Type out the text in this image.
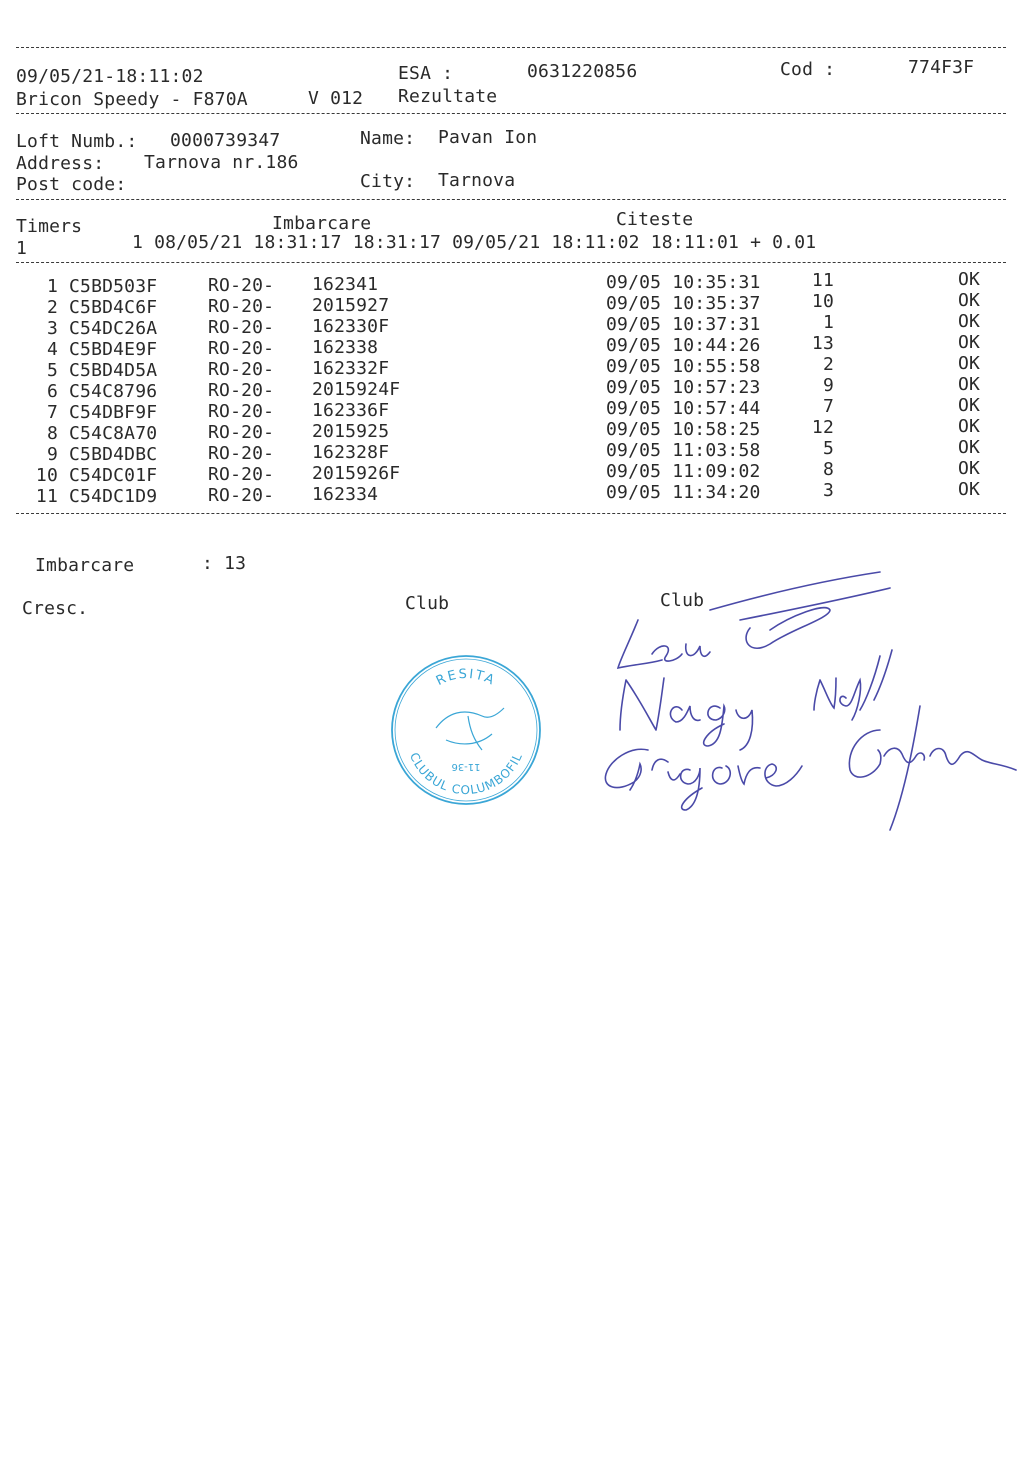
09/05/21-18:11:02	ESA :	0631220856	Cod :	774F3F
Bricon Speedy - F870A	V 012 Rezultate
Loft Numb.: 0000739347	Name: Pavan Ion
Address: Tarnova nr.186
Post code:	City: Tarnova
Timers	Imbarcare	Citeste
1	1 08/05/21 18:31:17 18:31:17 09/05/21 18:11:02 18:11:01 + 0.01
1 C5BD503F	RO-20- 162341	09/05 10:35:31	11	OK
2 C5BD4C6F	RO-20- 2015927	09/05 10:35:37	10	OK
3 C54DC26A	RO-20- 162330F	09/05 10:37:31	1	OK
4 C5BD4E9F	RO-20- 162338	09/05 10:44:26	13	OK
5 C5BD4D5A	RO-20- 162332F	09/05 10:55:58	2	OK
6 C54C8796	RO-20- 2015924F	09/05 10:57:23	9	OK
7 C54DBF9F	RO-20- 162336F	09/05 10:57:44	7	OK
8 C54C8A70	RO-20- 2015925	09/05 10:58:25	12	OK
9 C5BD4DBC	RO-20- 162328F	09/05 11:03:58	5	OK
10 C54DC01F	RO-20- 2015926F	09/05 11:09:02	8	OK
11 C54DC1D9	RO-20- 162334	09/05 11:34:20	3	OK
Imbarcare	: 13
Cresc.	Club	Club
RESITA
CLUBUL COLUMBOFIL
11-36
